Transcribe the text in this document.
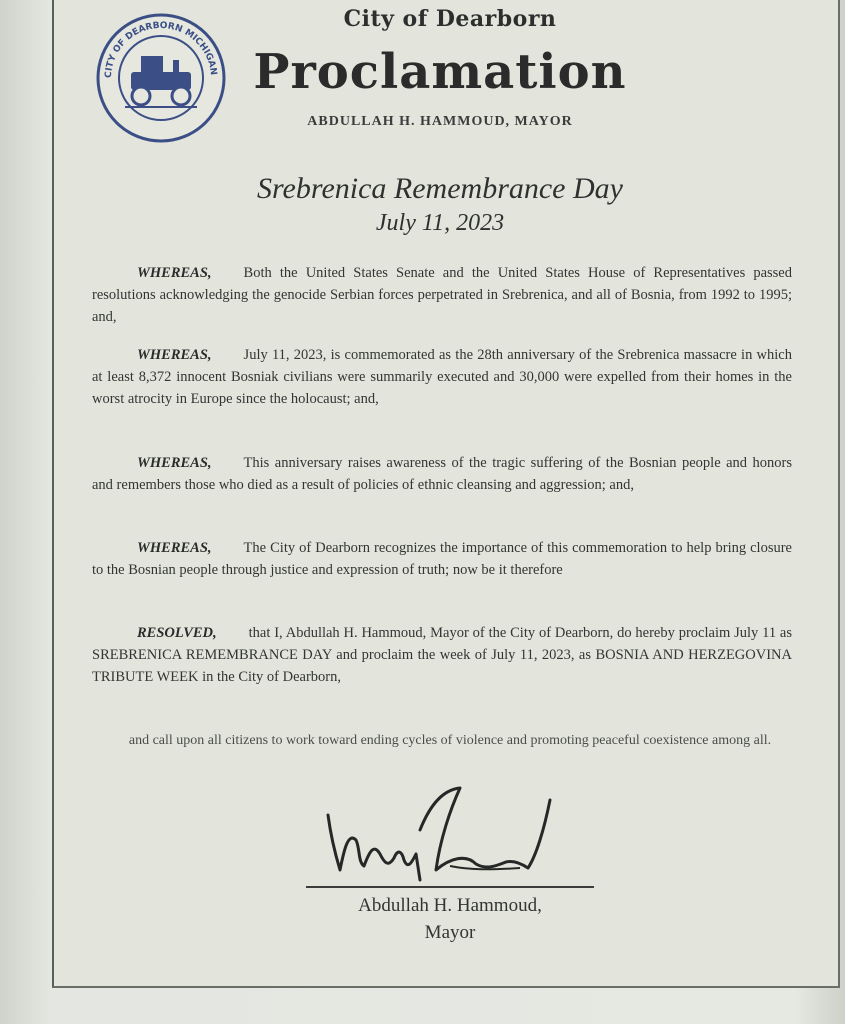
CITY OF DEARBORN MICHIGAN
City of Dearborn
Proclamation
ABDULLAH H. HAMMOUD, MAYOR
Srebrenica Remembrance Day
July 11, 2023
WHEREAS, Both the United States Senate and the United States House of Representatives passed resolutions acknowledging the genocide Serbian forces perpetrated in Srebrenica, and all of Bosnia, from 1992 to 1995; and,
WHEREAS, July 11, 2023, is commemorated as the 28th anniversary of the Srebrenica massacre in which at least 8,372 innocent Bosniak civilians were summarily executed and 30,000 were expelled from their homes in the worst atrocity in Europe since the holocaust; and,
WHEREAS, This anniversary raises awareness of the tragic suffering of the Bosnian people and honors and remembers those who died as a result of policies of ethnic cleansing and aggression; and,
WHEREAS, The City of Dearborn recognizes the importance of this commemoration to help bring closure to the Bosnian people through justice and expression of truth; now be it therefore
RESOLVED, that I, Abdullah H. Hammoud, Mayor of the City of Dearborn, do hereby proclaim July 11 as SREBRENICA REMEMBRANCE DAY and proclaim the week of July 11, 2023, as BOSNIA AND HERZEGOVINA TRIBUTE WEEK in the City of Dearborn,
and call upon all citizens to work toward ending cycles of violence and promoting peaceful coexistence among all.
Abdullah H. Hammoud,
Mayor
